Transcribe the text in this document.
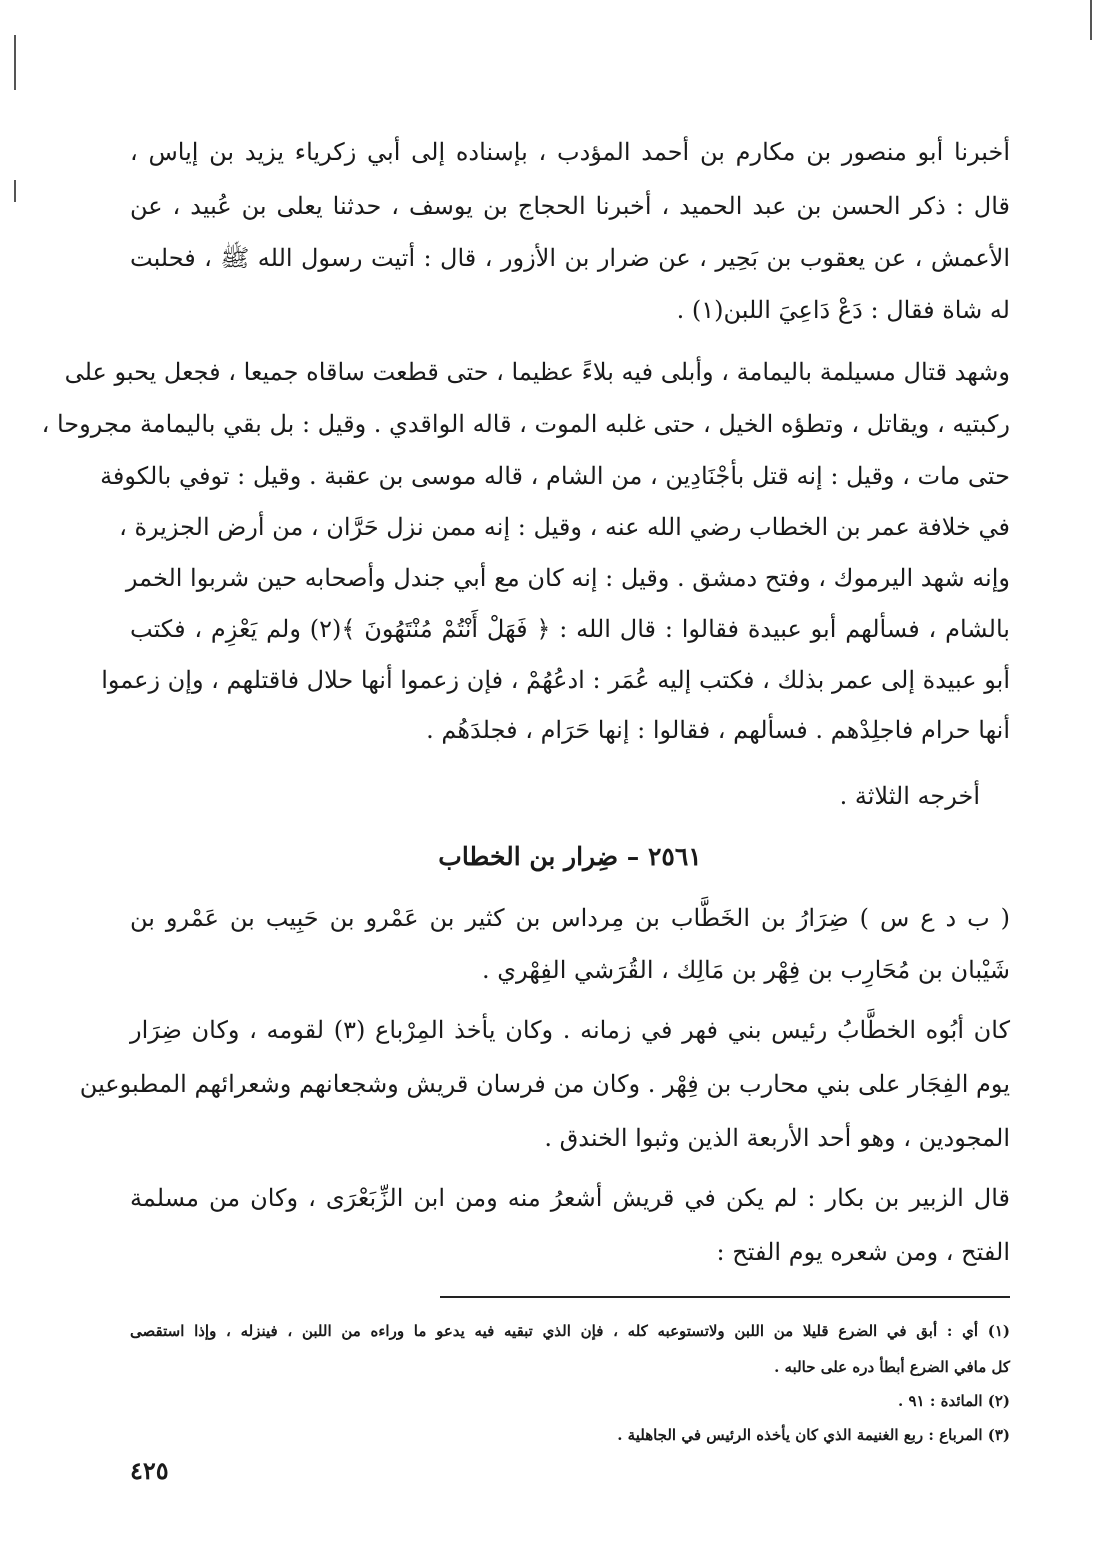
أخبرنا أبو منصور بن مكارم بن أحمد المؤدب ، بإسناده إلى أبي زكرياء يزيد بن إياس ،
قال : ذكر الحسن بن عبد الحميد ، أخبرنا الحجاج بن يوسف ، حدثنا يعلى بن عُبيد ، عن
الأعمش ، عن يعقوب بن بَحِير ، عن ضرار بن الأزور ، قال : أتيت رسول الله ﷺ ، فحلبت
له شاة فقال : دَعْ دَاعِيَ اللبن(١) .
وشهد قتال مسيلمة باليمامة ، وأبلى فيه بلاءً عظيما ، حتى قطعت ساقاه جميعا ، فجعل يحبو على
ركبتيه ، ويقاتل ، وتطؤه الخيل ، حتى غلبه الموت ، قاله الواقدي . وقيل : بل بقي باليمامة مجروحا ،
حتى مات ، وقيل : إنه قتل بأجْنَادِين ، من الشام ، قاله موسى بن عقبة . وقيل : توفي بالكوفة
في خلافة عمر بن الخطاب رضي الله عنه ، وقيل : إنه ممن نزل حَرَّان ، من أرض الجزيرة ،
وإنه شهد اليرموك ، وفتح دمشق . وقيل : إنه كان مع أبي جندل وأصحابه حين شربوا الخمر
بالشام ، فسألهم أبو عبيدة فقالوا : قال الله : ﴿ فَهَلْ أَنْتُمْ مُنْتَهُونَ ﴾(٢) ولم يَعْزِم ، فكتب
أبو عبيدة إلى عمر بذلك ، فكتب إليه عُمَر : ادعُهُمْ ، فإن زعموا أنها حلال فاقتلهم ، وإن زعموا
أنها حرام فاجلِدْهم . فسألهم ، فقالوا : إنها حَرَام ، فجلدَهُم .
أخرجه الثلاثة .
٢٥٦١ – ضِرار بن الخطاب
( ب د ع س ) ضِرَارُ بن الخَطَّاب بن مِرداس بن كثير بن عَمْرو بن حَبِيب بن عَمْرو بن
شَيْبان بن مُحَارِب بن فِهْر بن مَالِك ، القُرَشي الفِهْري .
كان أبُوه الخطَّابُ رئيس بني فهر في زمانه . وكان يأخذ المِرْباع (٣) لقومه ، وكان ضِرَار
يوم الفِجَار على بني محارب بن فِهْر . وكان من فرسان قريش وشجعانهم وشعرائهم المطبوعين
المجودين ، وهو أحد الأربعة الذين وثبوا الخندق .
قال الزبير بن بكار : لم يكن في قريش أشعرُ منه ومن ابن الزِّبَعْرَى ، وكان من مسلمة
الفتح ، ومن شعره يوم الفتح :
(١) أي : أبق في الضرع قليلا من اللبن ولاتستوعبه كله ، فإن الذي تبقيه فيه يدعو ما وراءه من اللبن ، فينزله ، وإذا استقصى
كل مافي الضرع أبطأ دره على حالبه .
(٢) المائدة : ٩١ .
(٣) المرباع : ربع الغنيمة الذي كان يأخذه الرئيس في الجاهلية .
٤٢٥
